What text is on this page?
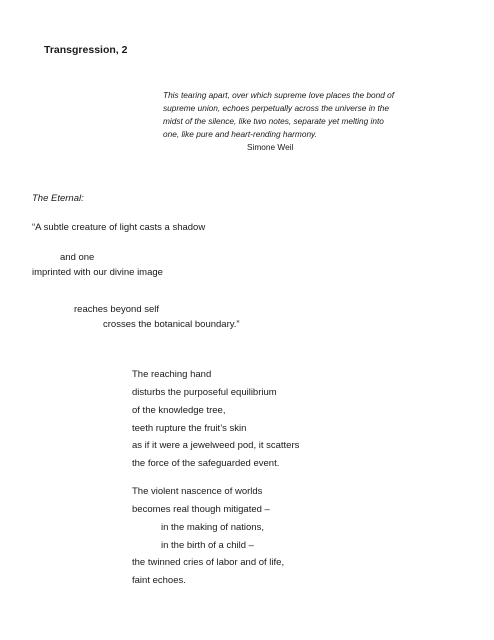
Transgression, 2
This tearing apart, over which supreme love places the bond of
supreme union, echoes perpetually across the universe in the
midst of the silence, like two notes, separate yet melting into
one, like pure and heart-rending harmony.
Simone Weil
The Eternal:
“A subtle creature of light casts a shadow
and one
imprinted with our divine image
reaches beyond self
crosses the botanical boundary.”
The reaching hand
disturbs the purposeful equilibrium
of the knowledge tree,
teeth rupture the fruit’s skin
as if it were a jewelweed pod, it scatters
the force of the safeguarded event.
The violent nascence of worlds
becomes real though mitigated –
in the making of nations,
in the birth of a child –
the twinned cries of labor and of life,
faint echoes.
